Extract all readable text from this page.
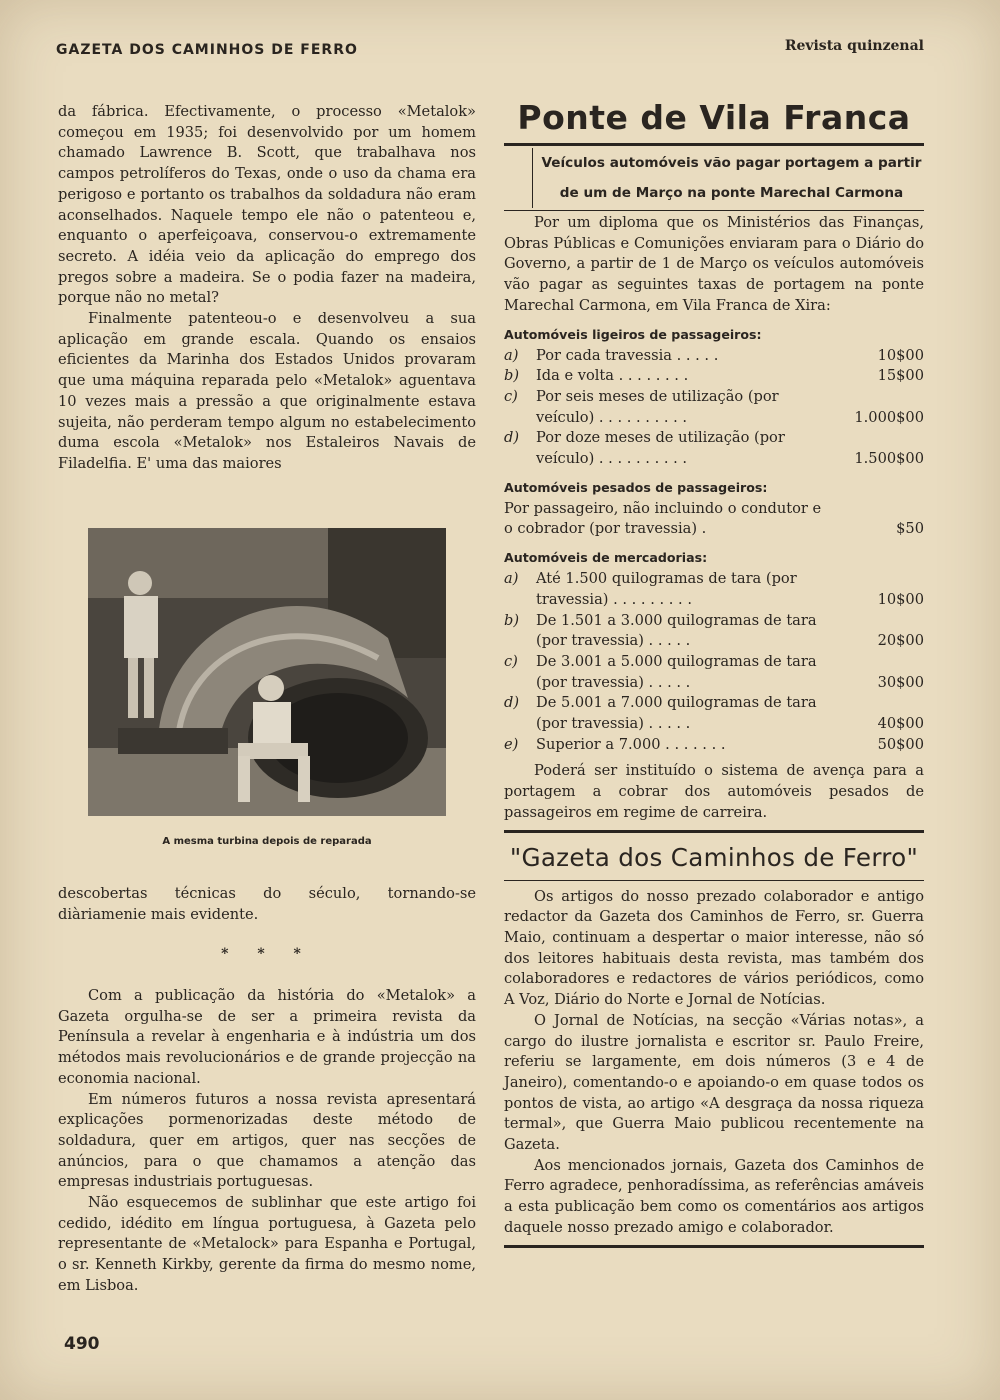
GAZETA DOS CAMINHOS DE FERRO	Revista quinzenal

da fábrica. Efectivamente, o processo «Metalok» começou em 1935; foi desenvolvido por um homem chamado Lawrence B. Scott, que trabalhava nos campos petrolíferos do Texas, onde o uso da chama era perigoso e portanto os trabalhos da soldadura não eram aconselhados. Naquele tempo ele não o patenteou e, enquanto o aperfeiçoava, conservou-o extremamente secreto. A idéia veio da aplicação do emprego dos pregos sobre a madeira. Se o podia fazer na madeira, porque não no metal?

Finalmente patenteou-o e desenvolveu a sua aplicação em grande escala. Quando os ensaios eficientes da Marinha dos Estados Unidos provaram que uma máquina reparada pelo «Metalok» aguentava 10 vezes mais a pressão a que originalmente estava sujeita, não perderam tempo algum no estabelecimento duma escola «Metalok» nos Estaleiros Navais de Filadelfia. E' uma das maiores

A mesma turbina depois de reparada
descobertas técnicas do século, tornando-se diàriamenie mais evidente.
* * *

Com a publicação da história do «Metalok» a Gazeta orgulha-se de ser a primeira revista da Península a revelar à engenharia e à indústria um dos métodos mais revolucionários e de grande projecção na economia nacional.

Em números futuros a nossa revista apresentará explicações pormenorizadas deste método de soldadura, quer em artigos, quer nas secções de anúncios, para o que chamamos a atenção das empresas industriais portuguesas.

Não esquecemos de sublinhar que este artigo foi cedido, idédito em língua portuguesa, à Gazeta pelo representante de «Metalock» para Espanha e Portugal, o sr. Kenneth Kirkby, gerente da firma do mesmo nome, em Lisboa.

490
Ponte de Vila Franca
Veículos automóveis vão pagar portagem a partir
de um de Março na ponte Marechal Carmona

Por um diploma que os Ministérios das Finanças, Obras Públicas e Comunições enviaram para o Diário do Governo, a partir de 1 de Março os veículos automóveis vão pagar as seguintes taxas de portagem na ponte Marechal Carmona, em Vila Franca de Xira:

Automóveis ligeiros de passageiros:
a)	Por cada travessia . . . . .	10$00
b)	Ida e volta . . . . . . . .	15$00
c)	Por seis meses de utilização (por veículo) . . . . . . . . . .	1.000$00
d)	Por doze meses de utilização (por veículo) . . . . . . . . . .	1.500$00
Automóveis pesados de passageiros:
Por passageiro, não incluindo o condutor e o cobrador (por travessia) .	$50
Automóveis de mercadorias:
a)	Até 1.500 quilogramas de tara (por travessia) . . . . . . . . .	10$00
b)	De 1.501 a 3.000 quilogramas de tara (por travessia) . . . . .	20$00
c)	De 3.001 a 5.000 quilogramas de tara (por travessia) . . . . .	30$00
d)	De 5.001 a 7.000 quilogramas de tara (por travessia) . . . . .	40$00
e)	Superior a 7.000 . . . . . . .	50$00

Poderá ser instituído o sistema de avença para a portagem a cobrar dos automóveis pesados de passageiros em regime de carreira.

"Gazeta dos Caminhos de Ferro"

Os artigos do nosso prezado colaborador e antigo redactor da Gazeta dos Caminhos de Ferro, sr. Guerra Maio, continuam a despertar o maior interesse, não só dos leitores habituais desta revista, mas também dos colaboradores e redactores de vários periódicos, como A Voz, Diário do Norte e Jornal de Notícias.

O Jornal de Notícias, na secção «Várias notas», a cargo do ilustre jornalista e escritor sr. Paulo Freire, referiu se largamente, em dois números (3 e 4 de Janeiro), comentando-o e apoiando-o em quase todos os pontos de vista, ao artigo «A desgraça da nossa riqueza termal», que Guerra Maio publicou recentemente na Gazeta.

Aos mencionados jornais, Gazeta dos Caminhos de Ferro agradece, penhoradíssima, as referências amáveis a esta publicação bem como os comentários aos artigos daquele nosso prezado amigo e colaborador.
